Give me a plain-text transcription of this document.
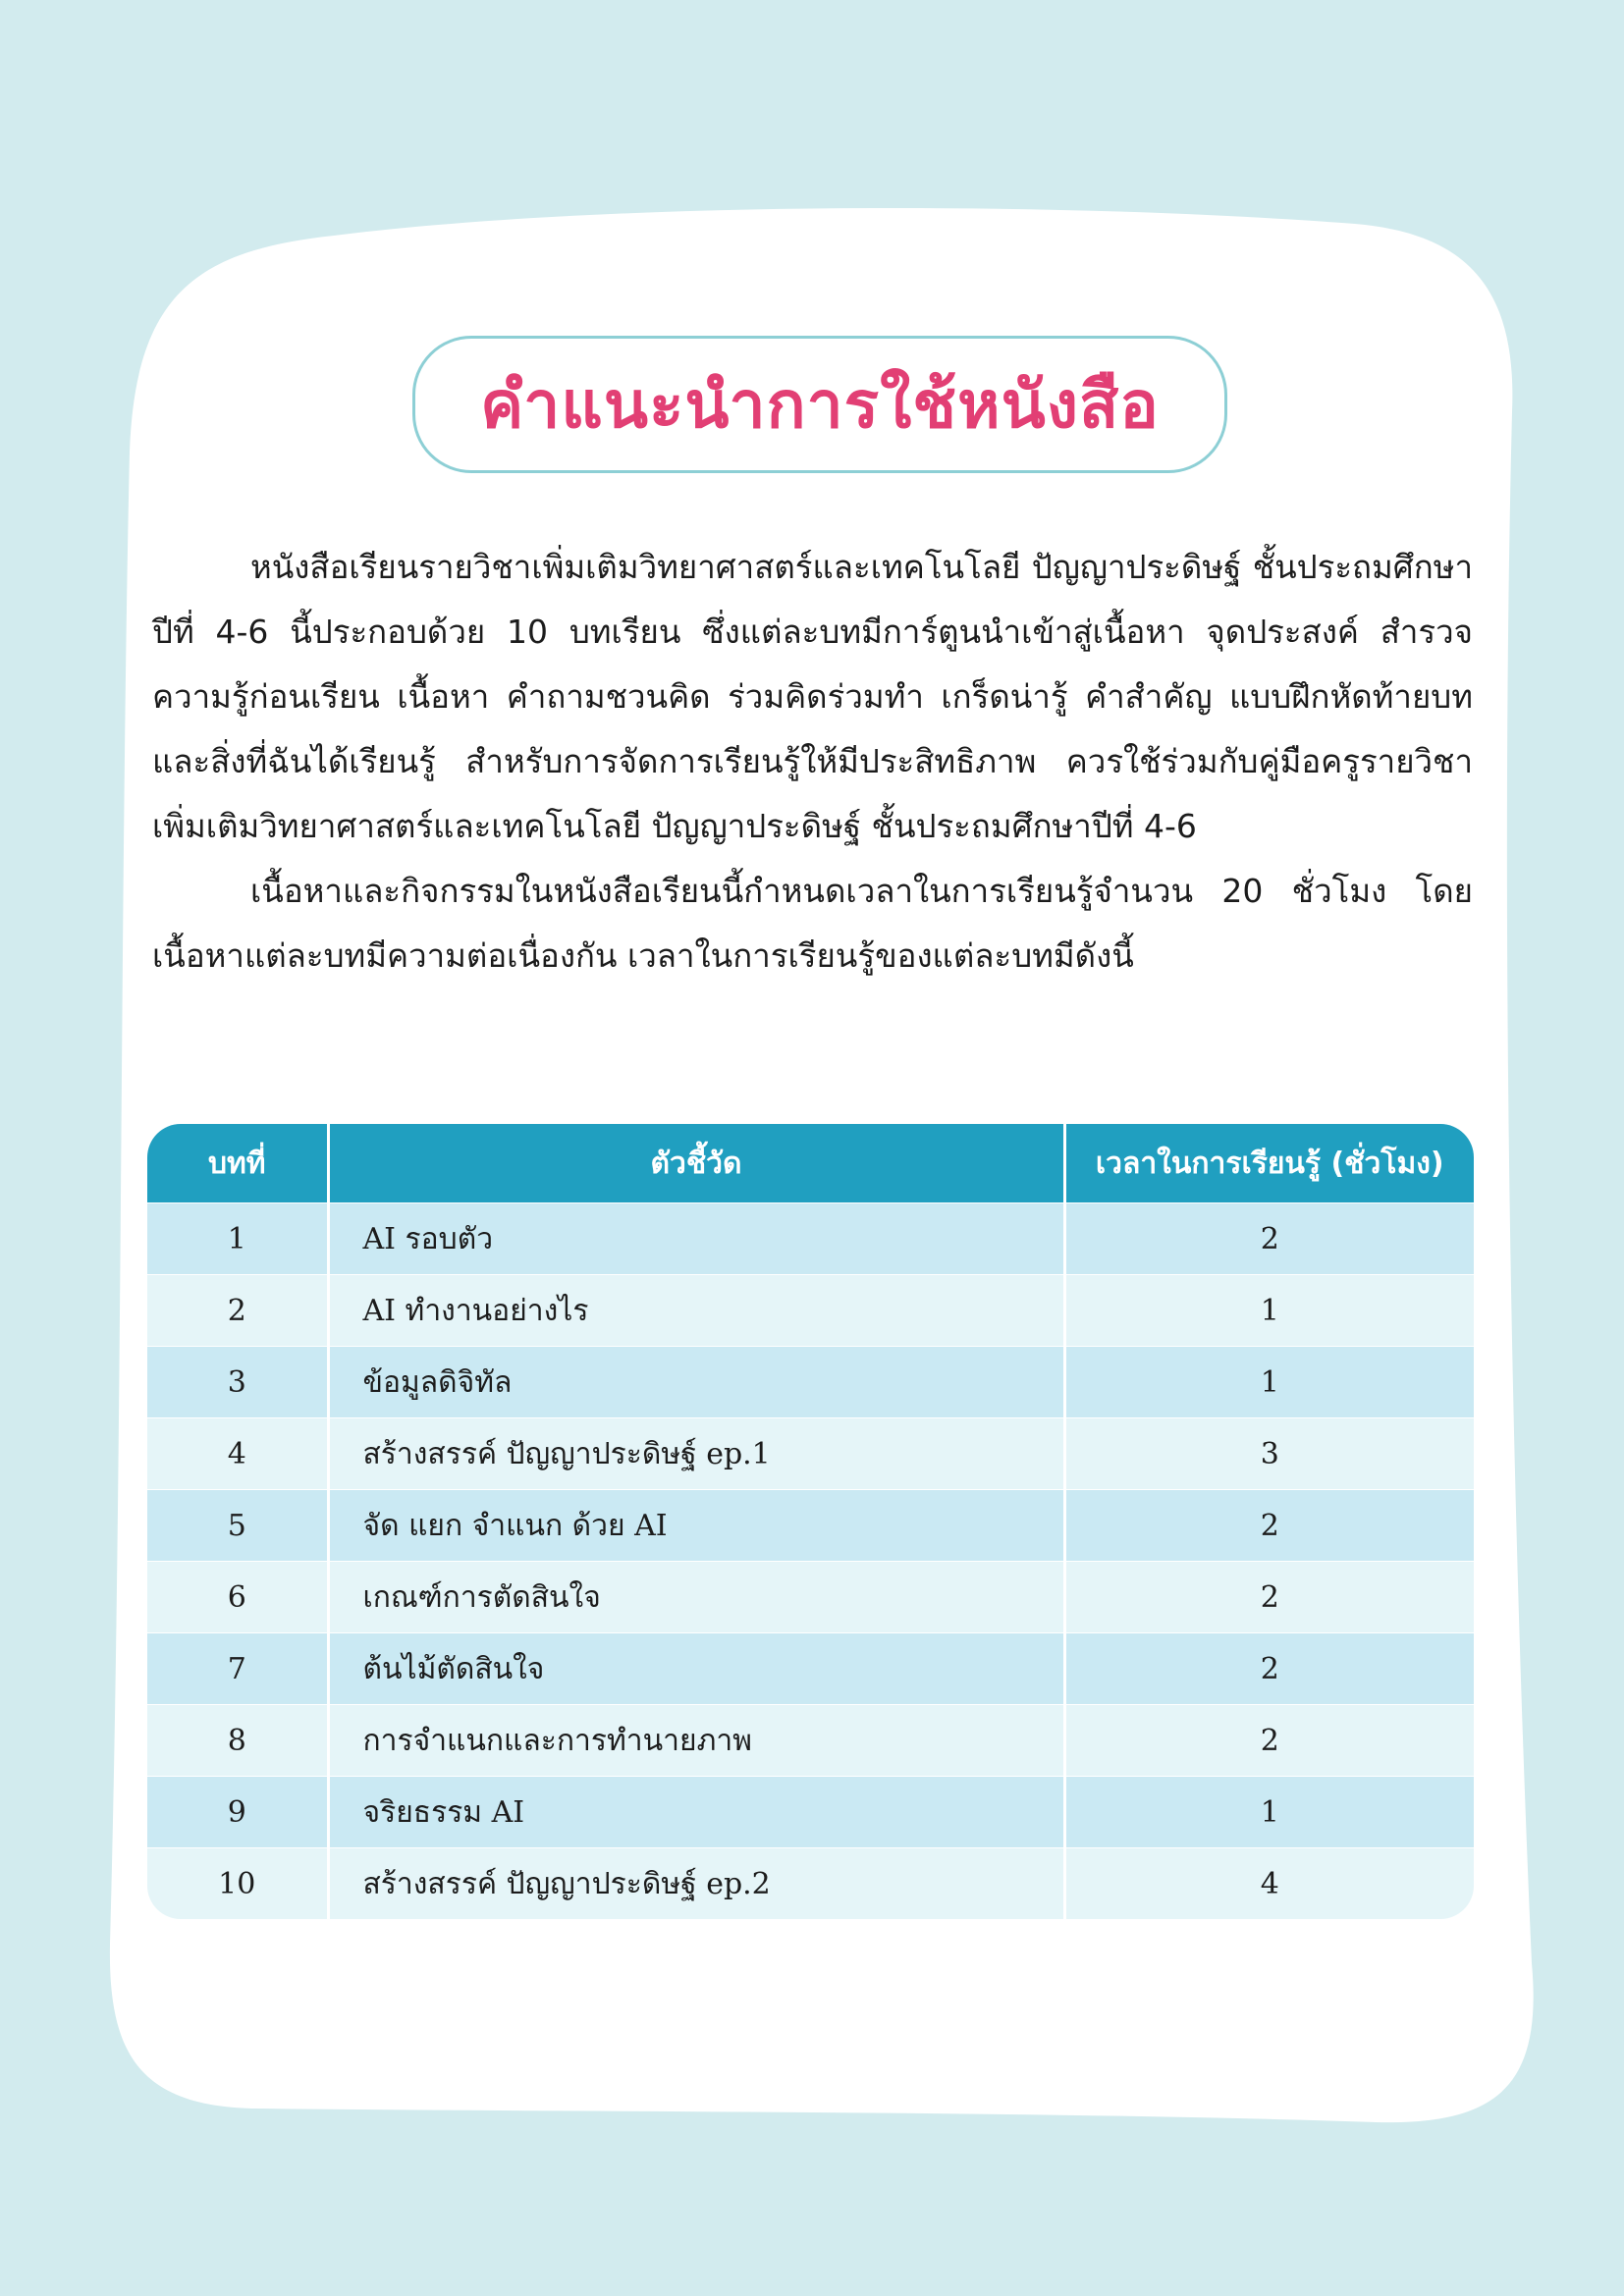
คำแนะนำการใช้หนังสือ

หนังสือเรียนรายวิชาเพิ่มเติมวิทยาศาสตร์และเทคโนโลยี ปัญญาประดิษฐ์ ชั้นประถมศึกษาปีที่ 4-6 นี้ประกอบด้วย 10 บทเรียน ซึ่งแต่ละบทมีการ์ตูนนำเข้าสู่เนื้อหา จุดประสงค์ สำรวจความรู้ก่อนเรียน เนื้อหา คำถามชวนคิด ร่วมคิดร่วมทำ เกร็ดน่ารู้ คำสำคัญ แบบฝึกหัดท้ายบท และสิ่งที่ฉันได้เรียนรู้ สำหรับการจัดการเรียนรู้ให้มีประสิทธิภาพ ควรใช้ร่วมกับคู่มือครูรายวิชาเพิ่มเติมวิทยาศาสตร์และเทคโนโลยี ปัญญาประดิษฐ์ ชั้นประถมศึกษาปีที่ 4-6

เนื้อหาและกิจกรรมในหนังสือเรียนนี้กำหนดเวลาในการเรียนรู้จำนวน 20 ชั่วโมง โดยเนื้อหาแต่ละบทมีความต่อเนื่องกัน เวลาในการเรียนรู้ของแต่ละบทมีดังนี้

บทที่	ตัวชี้วัด	เวลาในการเรียนรู้ (ชั่วโมง)
1	AI รอบตัว	2
2	AI ทำงานอย่างไร	1
3	ข้อมูลดิจิทัล	1
4	สร้างสรรค์ ปัญญาประดิษฐ์ ep.1	3
5	จัด แยก จำแนก ด้วย AI	2
6	เกณฑ์การตัดสินใจ	2
7	ต้นไม้ตัดสินใจ	2
8	การจำแนกและการทำนายภาพ	2
9	จริยธรรม AI	1
10	สร้างสรรค์ ปัญญาประดิษฐ์ ep.2	4
